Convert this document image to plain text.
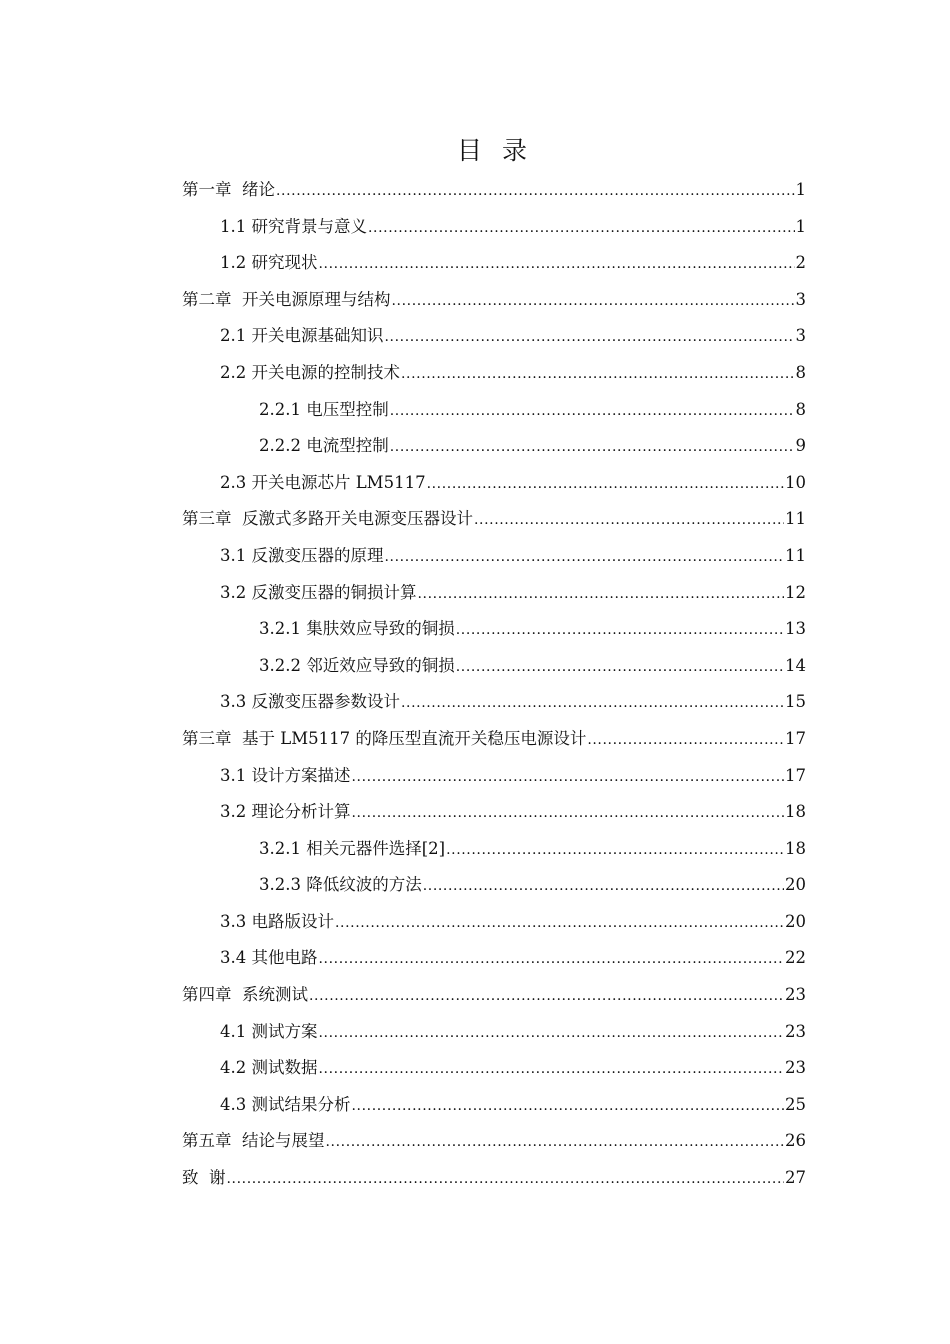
目 录
第一章  绪论 .....	1
1.1 研究背景与意义 .....	1
1.2 研究现状 .....	2
第二章  开关电源原理与结构 .....	3
2.1 开关电源基础知识 .....	3
2.2 开关电源的控制技术 .....	8
2.2.1 电压型控制 .....	8
2.2.2 电流型控制 .....	9
2.3 开关电源芯片 LM5117 .....	10
第三章  反激式多路开关电源变压器设计 .....	11
3.1 反激变压器的原理 .....	11
3.2 反激变压器的铜损计算 .....	12
3.2.1 集肤效应导致的铜损 .....	13
3.2.2 邻近效应导致的铜损 .....	14
3.3 反激变压器参数设计 .....	15
第三章  基于 LM5117 的降压型直流开关稳压电源设计 .....	17
3.1 设计方案描述 .....	17
3.2 理论分析计算 .....	18
3.2.1 相关元器件选择[2] .....	18
3.2.3 降低纹波的方法 .....	20
3.3 电路版设计 .....	20
3.4 其他电路 .....	22
第四章  系统测试 .....	23
4.1 测试方案 .....	23
4.2 测试数据 .....	23
4.3 测试结果分析 .....	25
第五章  结论与展望 .....	26
致  谢 .....	27
